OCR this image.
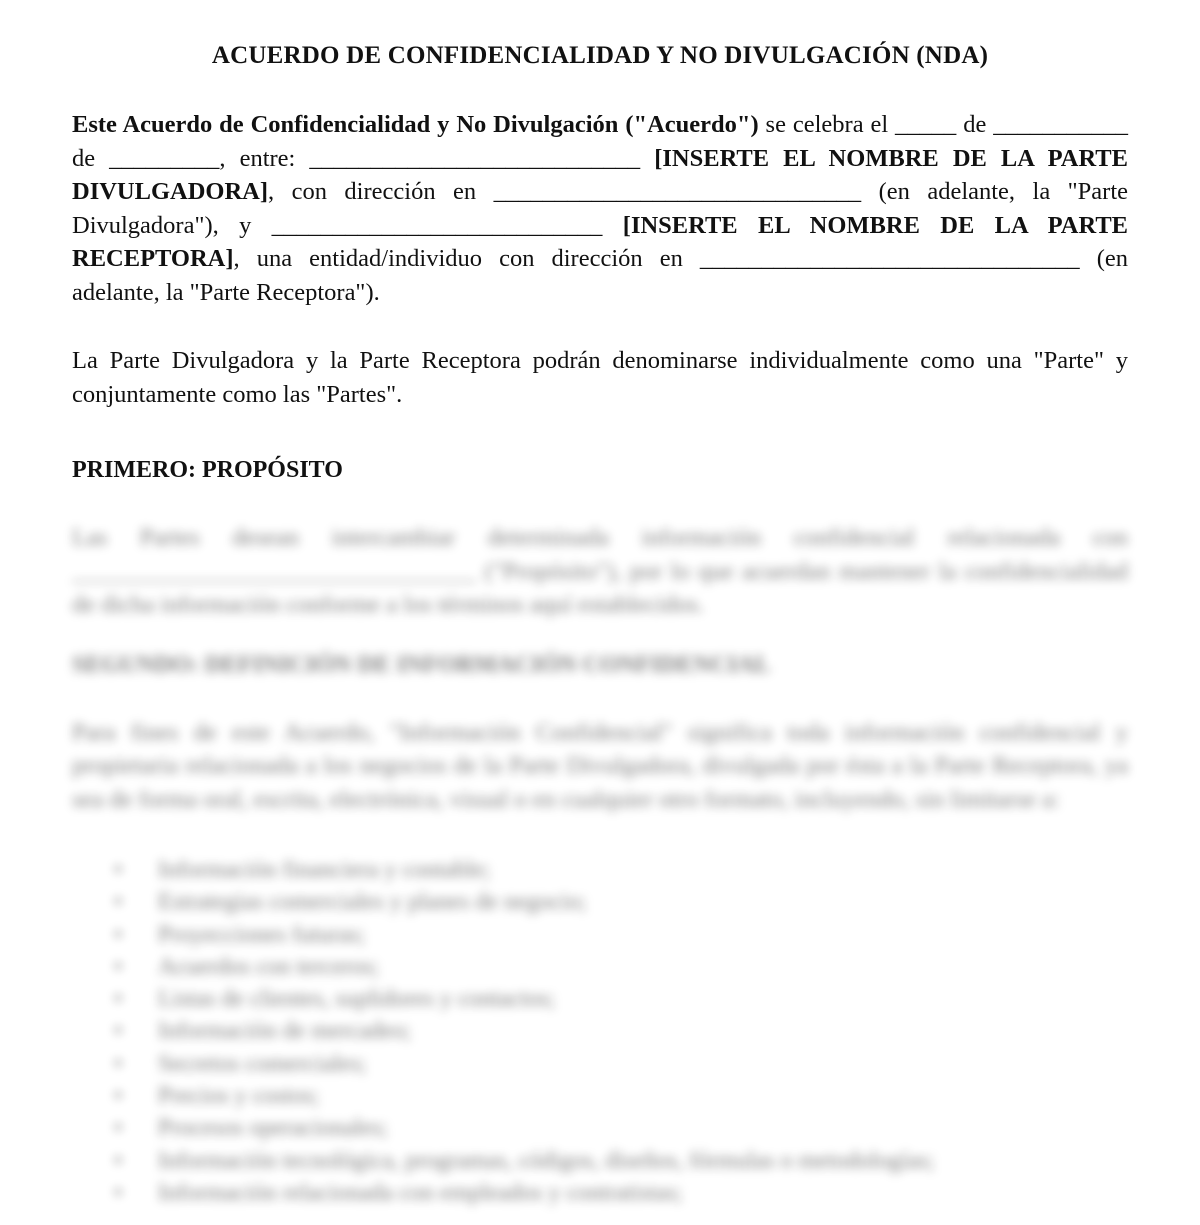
ACUERDO DE CONFIDENCIALIDAD Y NO DIVULGACIÓN (NDA)

Este Acuerdo de Confidencialidad y No Divulgación ("Acuerdo") se celebra el _____ de ___________ de _________, entre: ___________________________ [INSERTE EL NOMBRE DE LA PARTE DIVULGADORA], con dirección en ______________________________ (en adelante, la "Parte Divulgadora"), y ___________________________ [INSERTE EL NOMBRE DE LA PARTE RECEPTORA], una entidad/individuo con dirección en _______________________________ (en adelante, la "Parte Receptora").

La Parte Divulgadora y la Parte Receptora podrán denominarse individualmente como una "Parte" y conjuntamente como las "Partes".

PRIMERO: PROPÓSITO

Las Partes desean intercambiar determinada información confidencial relacionada con _________________________________ ("Propósito"), por lo que acuerdan mantener la confidencialidad de dicha información conforme a los términos aquí establecidos.

SEGUNDO: DEFINICIÓN DE INFORMACIÓN CONFIDENCIAL

Para fines de este Acuerdo, "Información Confidencial" significa toda información confidencial y propietaria relacionada a los negocios de la Parte Divulgadora, divulgada por ésta a la Parte Receptora, ya sea de forma oral, escrita, electrónica, visual o en cualquier otro formato, incluyendo, sin limitarse a:

• Información financiera y contable;
• Estrategias comerciales y planes de negocio;
• Proyecciones futuras;
• Acuerdos con terceros;
• Listas de clientes, suplidores y contactos;
• Información de mercadeo;
• Secretos comerciales;
• Precios y costos;
• Procesos operacionales;
• Información tecnológica, programas, códigos, diseños, fórmulas o metodologías;
• Información relacionada con empleados y contratistas;
